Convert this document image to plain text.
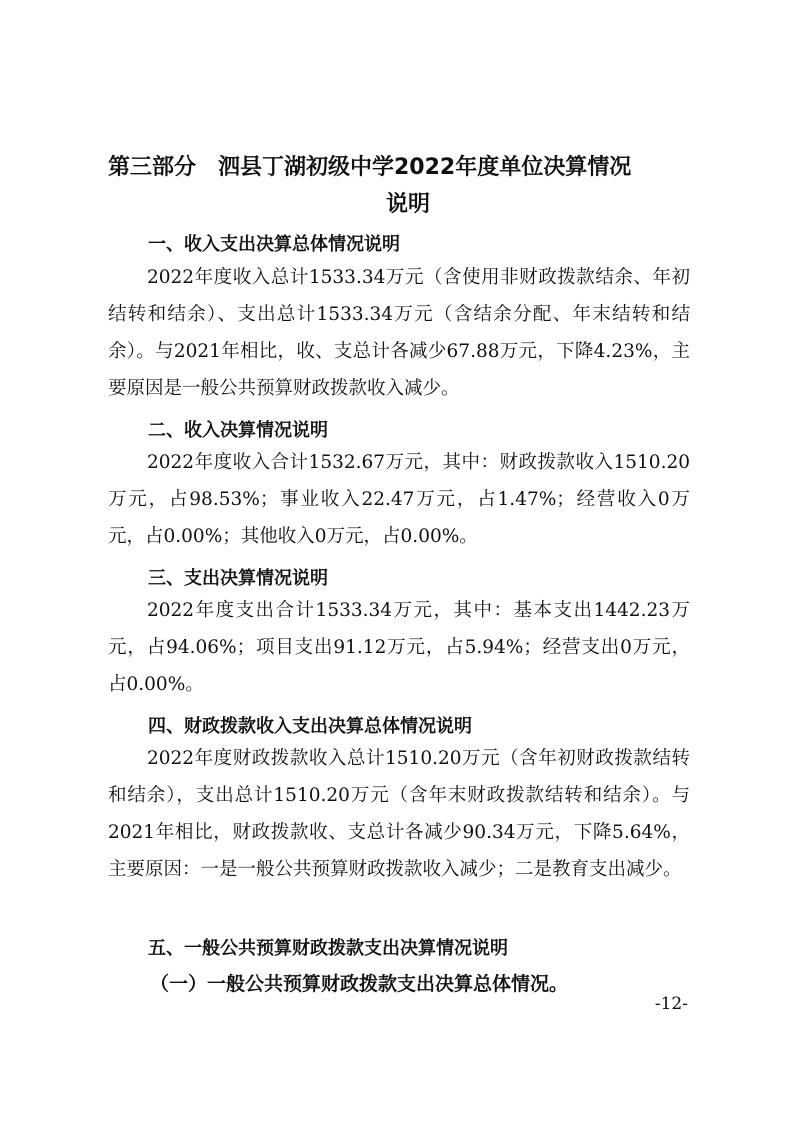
第三部分　泗县丁湖初级中学2022年度单位决算情况
说明
一、收入支出决算总体情况说明

2022年度收入总计1533.34万元（含使用非财政拨款结余、年初结转和结余）、支出总计1533.34万元（含结余分配、年末结转和结余）。与2021年相比，收、支总计各减少67.88万元，下降4.23%，主要原因是一般公共预算财政拨款收入减少。

二、收入决算情况说明

2022年度收入合计1532.67万元，其中：财政拨款收入1510.20万元，占98.53%；事业收入22.47万元，占1.47%；经营收入0万元，占0.00%；其他收入0万元，占0.00%。

三、支出决算情况说明

2022年度支出合计1533.34万元，其中：基本支出1442.23万元，占94.06%；项目支出91.12万元，占5.94%；经营支出0万元，占0.00%。

四、财政拨款收入支出决算总体情况说明

2022年度财政拨款收入总计1510.20万元（含年初财政拨款结转和结余），支出总计1510.20万元（含年末财政拨款结转和结余）。与2021年相比，财政拨款收、支总计各减少90.34万元，下降5.64%，主要原因：一是一般公共预算财政拨款收入减少；二是教育支出减少。

五、一般公共预算财政拨款支出决算情况说明
（一）一般公共预算财政拨款支出决算总体情况。
-12-
